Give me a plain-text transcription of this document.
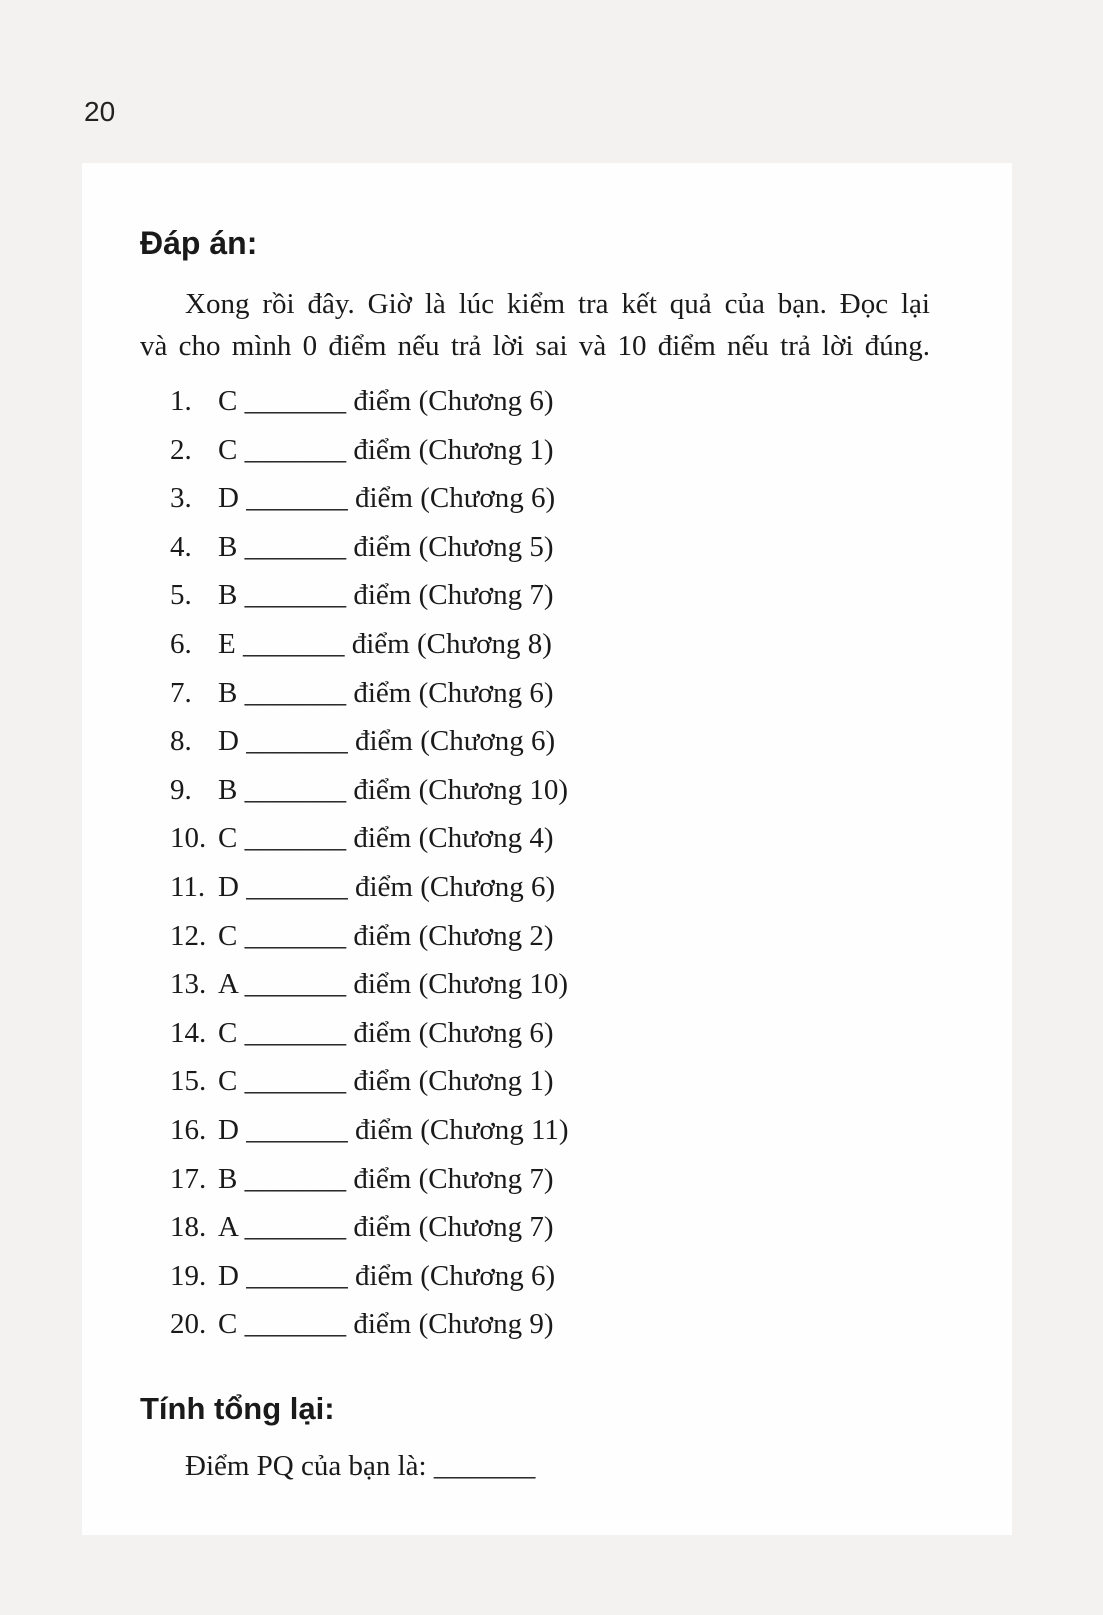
20
Đáp án:
Xong rồi đây. Giờ là lúc kiểm tra kết quả của bạn. Đọc lại
và cho mình 0 điểm nếu trả lời sai và 10 điểm nếu trả lời đúng.
1. C _______ điểm (Chương 6)
2. C _______ điểm (Chương 1)
3. D _______ điểm (Chương 6)
4. B _______ điểm (Chương 5)
5. B _______ điểm (Chương 7)
6. E _______ điểm (Chương 8)
7. B _______ điểm (Chương 6)
8. D _______ điểm (Chương 6)
9. B _______ điểm (Chương 10)
10. C _______ điểm (Chương 4)
11. D _______ điểm (Chương 6)
12. C _______ điểm (Chương 2)
13. A _______ điểm (Chương 10)
14. C _______ điểm (Chương 6)
15. C _______ điểm (Chương 1)
16. D _______ điểm (Chương 11)
17. B _______ điểm (Chương 7)
18. A _______ điểm (Chương 7)
19. D _______ điểm (Chương 6)
20. C _______ điểm (Chương 9)
Tính tổng lại:
Điểm PQ của bạn là: _______
